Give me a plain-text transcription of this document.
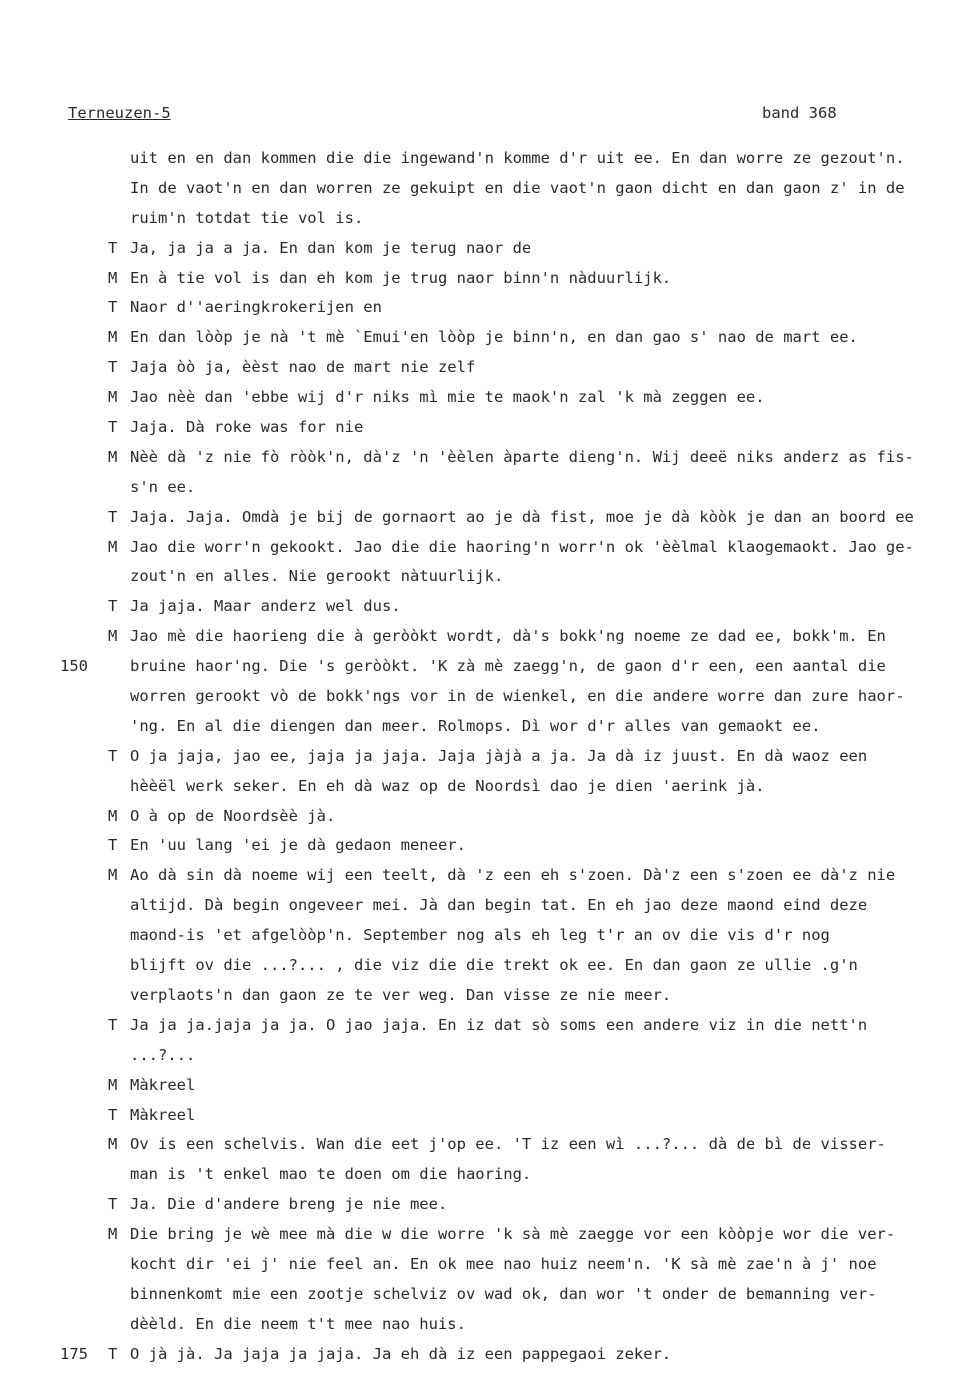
Terneuzen-5	band 368
uit en en dan kommen die die ingewand'n komme d'r uit ee. En dan worre ze gezout'n.
In de vaot'n en dan worren ze gekuipt en die vaot'n gaon dicht en dan gaon z' in de
ruim'n totdat tie vol is.
T Ja, ja ja a ja. En dan kom je terug naor de
M En à tie vol is dan eh kom je trug naor binn'n nàduurlijk.
T Naor d''aeringkrokerijen en
M En dan lòòp je nà 't mè `Emui'en lòòp je binn'n, en dan gao s' nao de mart ee.
T Jaja òò ja, èèst nao de mart nie zelf
M Jao nèè dan 'ebbe wij d'r niks mì mie te maok'n zal 'k mà zeggen ee.
T Jaja. Dà roke was for nie
M Nèè dà 'z nie fò ròòk'n, dà'z 'n 'èèlen àparte dieng'n. Wij deeë niks anderz as fis-
s'n ee.
T Jaja. Jaja. Omdà je bij de gornaort ao je dà fist, moe je dà kòòk je dan an boord ee
M Jao die worr'n gekookt. Jao die die haoring'n worr'n ok 'èèlmal klaogemaokt. Jao ge-
zout'n en alles. Nie gerookt nàtuurlijk.
T Ja jaja. Maar anderz wel dus.
M Jao mè die haorieng die à geròòkt wordt, dà's bokk'ng noeme ze dad ee, bokk'm. En
150	bruine haor'ng. Die 's geròòkt. 'K zà mè zaegg'n, de gaon d'r een, een aantal die
worren gerookt vò de bokk'ngs vor in de wienkel, en die andere worre dan zure haor-
'ng. En al die diengen dan meer. Rolmops. Dì wor d'r alles van gemaokt ee.
T O ja jaja, jao ee, jaja ja jaja. Jaja jàjà a ja. Ja dà iz juust. En dà waoz een
hèèël werk seker. En eh dà waz op de Noordsì dao je dien 'aerink jà.
M O à op de Noordsèè jà.
T En 'uu lang 'ei je dà gedaon meneer.
M Ao dà sin dà noeme wij een teelt, dà 'z een eh s'zoen. Dà'z een s'zoen ee dà'z nie
altijd. Dà begin ongeveer mei. Jà dan begin tat. En eh jao deze maond eind deze
maond-is 'et afgelòòp'n. September nog als eh leg t'r an ov die vis d'r nog
blijft ov die ...?... , die viz die die trekt ok ee. En dan gaon ze ullie .g'n
verplaots'n dan gaon ze te ver weg. Dan visse ze nie meer.
T Ja ja ja.jaja ja ja. O jao jaja. En iz dat sò soms een andere viz in die nett'n
...?...
M Màkreel
T Màkreel
M Ov is een schelvis. Wan die eet j'op ee. 'T iz een wì ...?... dà de bì de visser-
man is 't enkel mao te doen om die haoring.
T Ja. Die d'andere breng je nie mee.
M Die bring je wè mee mà die w die worre 'k sà mè zaegge vor een kòòpje wor die ver-
kocht dir 'ei j' nie feel an. En ok mee nao huiz neem'n. 'K sà mè zae'n à j' noe
binnenkomt mie een zootje schelviz ov wad ok, dan wor 't onder de bemanning ver-
dèèld. En die neem t't mee nao huis.
175 T O jà jà. Ja jaja ja jaja. Ja eh dà iz een pappegaoi zeker.
